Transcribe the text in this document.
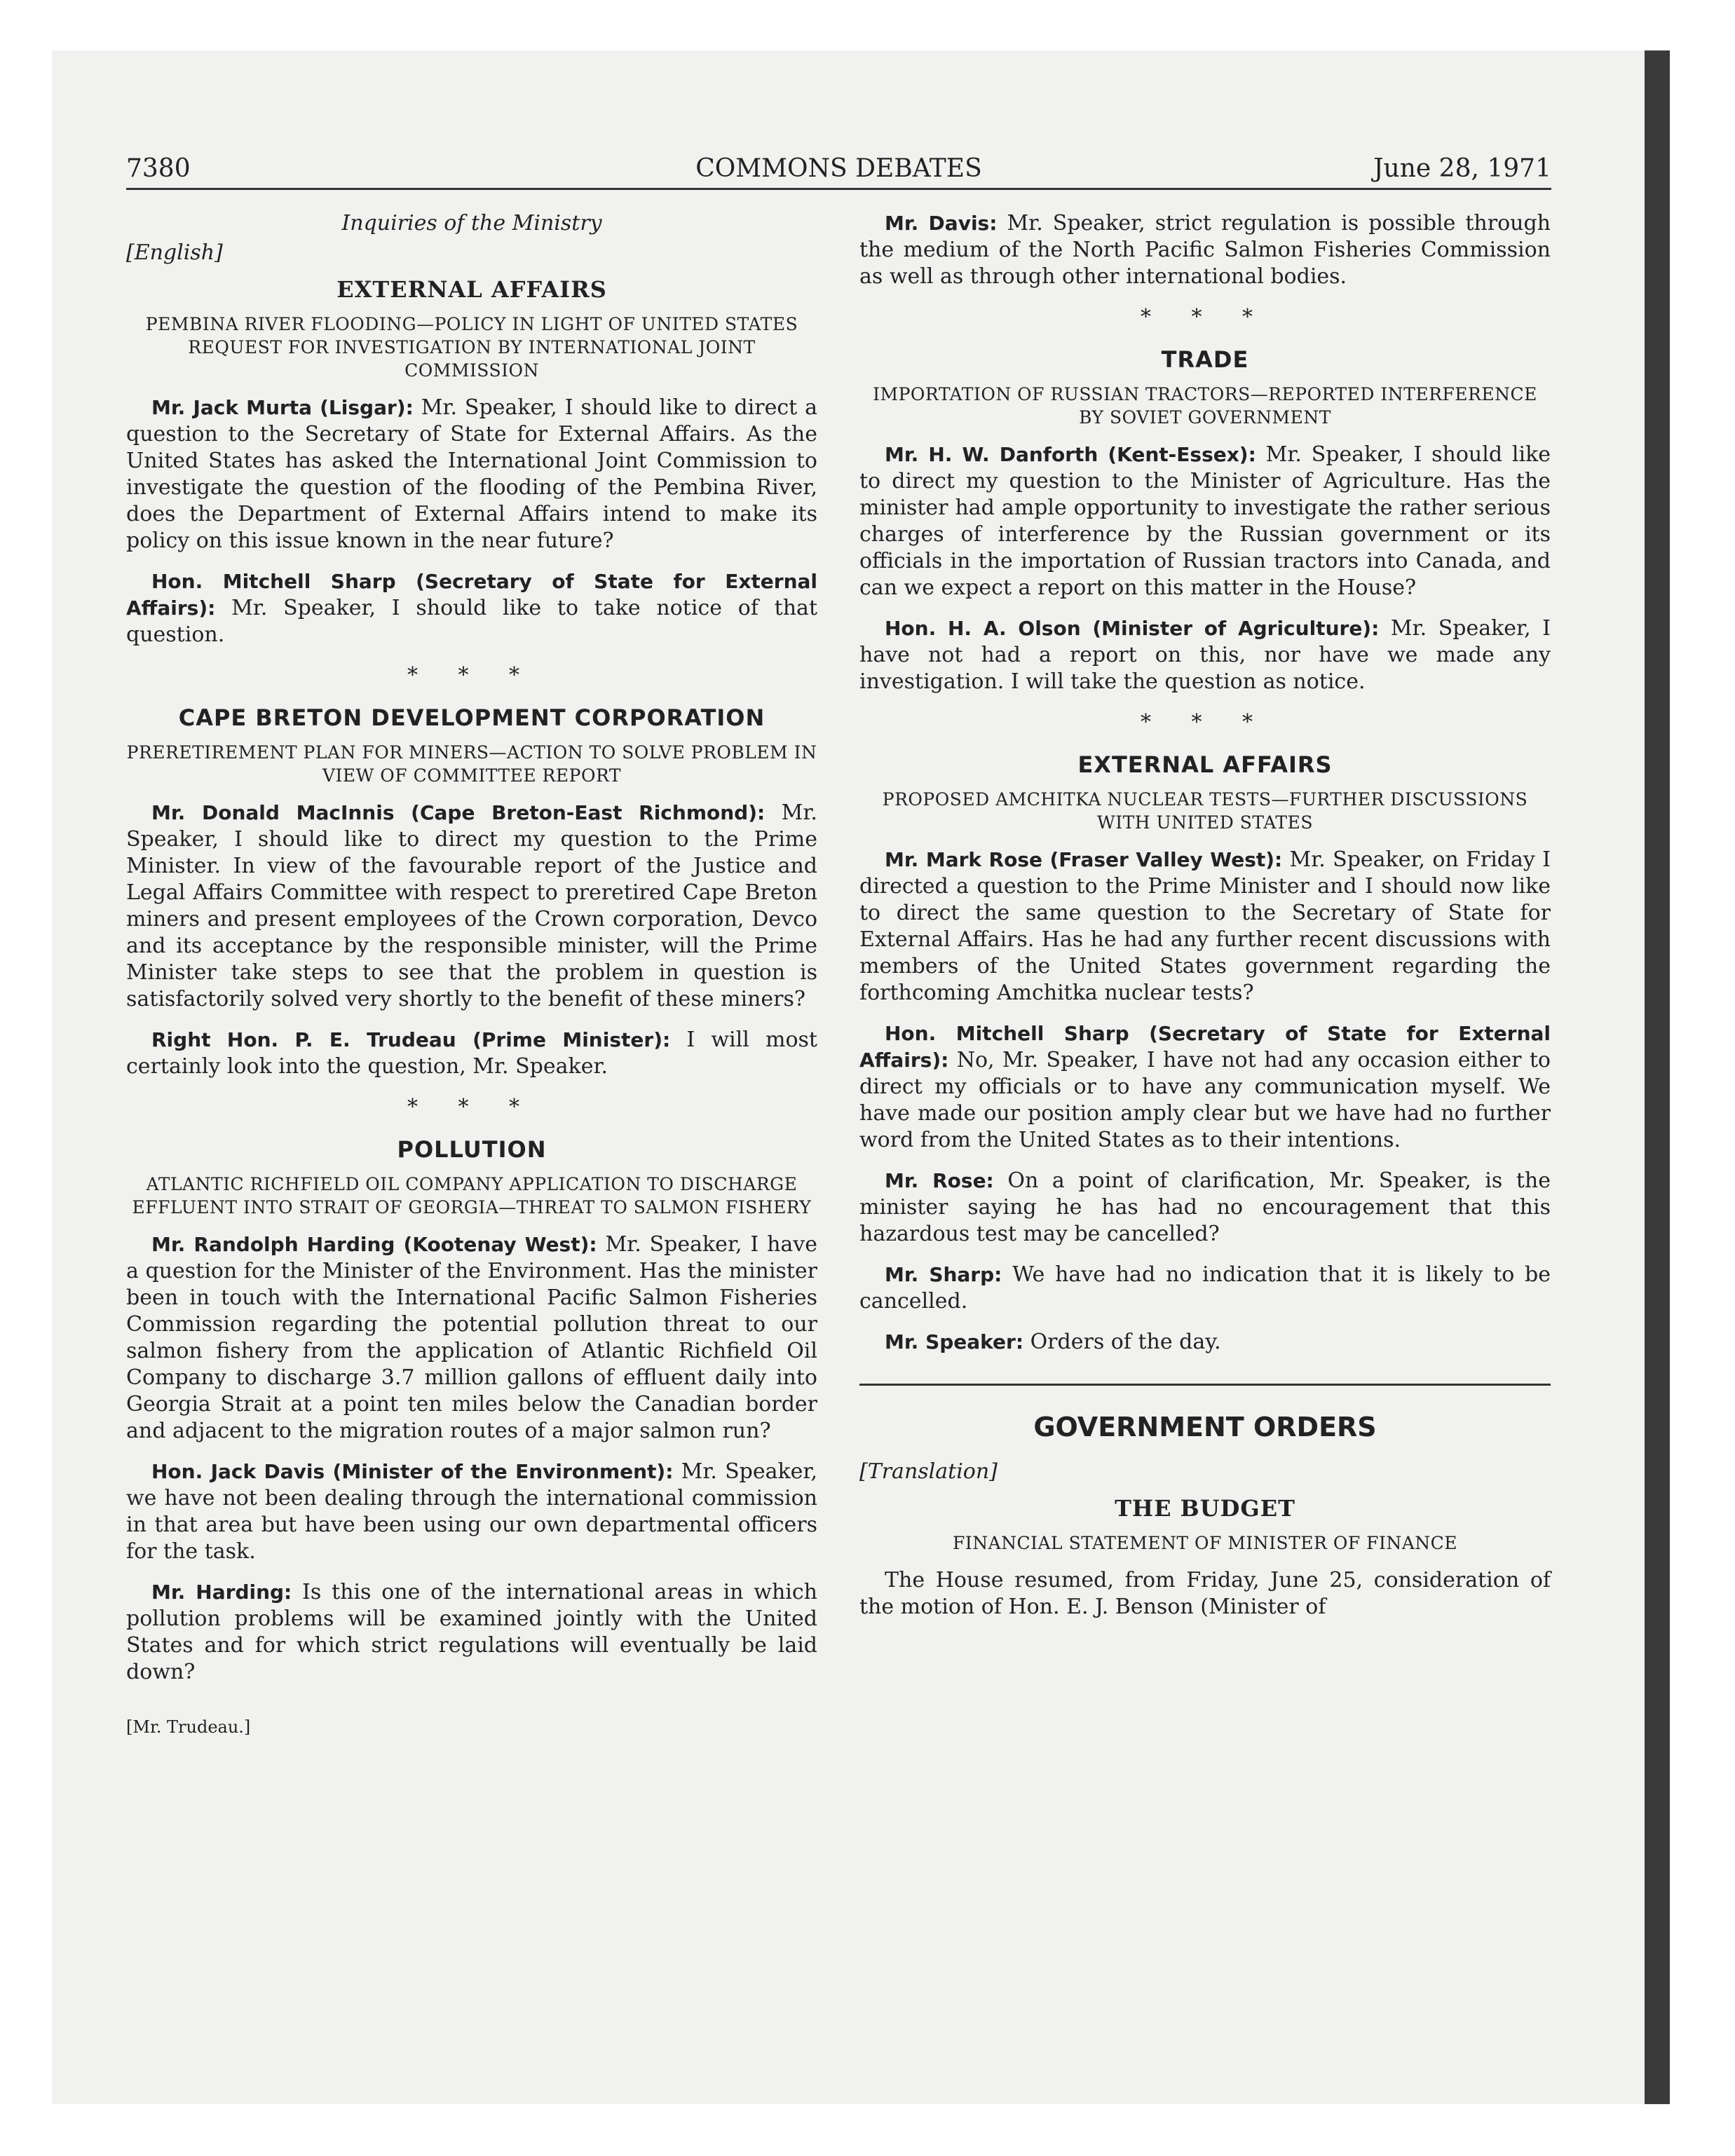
7380	COMMONS DEBATES	June 28, 1971
Inquiries of the Ministry
[English]
EXTERNAL AFFAIRS
PEMBINA RIVER FLOODING—POLICY IN LIGHT OF UNITED STATES REQUEST FOR INVESTIGATION BY INTERNATIONAL JOINT COMMISSION

Mr. Jack Murta (Lisgar): Mr. Speaker, I should like to direct a question to the Secretary of State for External Affairs. As the United States has asked the International Joint Commission to investigate the question of the flooding of the Pembina River, does the Department of External Affairs intend to make its policy on this issue known in the near future?

Hon. Mitchell Sharp (Secretary of State for External Affairs): Mr. Speaker, I should like to take notice of that question.

* * *
CAPE BRETON DEVELOPMENT CORPORATION
PRERETIREMENT PLAN FOR MINERS—ACTION TO SOLVE PROBLEM IN VIEW OF COMMITTEE REPORT

Mr. Donald MacInnis (Cape Breton-East Richmond): Mr. Speaker, I should like to direct my question to the Prime Minister. In view of the favourable report of the Justice and Legal Affairs Committee with respect to preretired Cape Breton miners and present employees of the Crown corporation, Devco and its acceptance by the responsible minister, will the Prime Minister take steps to see that the problem in question is satisfactorily solved very shortly to the benefit of these miners?

Right Hon. P. E. Trudeau (Prime Minister): I will most certainly look into the question, Mr. Speaker.

* * *
POLLUTION
ATLANTIC RICHFIELD OIL COMPANY APPLICATION TO DISCHARGE EFFLUENT INTO STRAIT OF GEORGIA—THREAT TO SALMON FISHERY

Mr. Randolph Harding (Kootenay West): Mr. Speaker, I have a question for the Minister of the Environment. Has the minister been in touch with the International Pacific Salmon Fisheries Commission regarding the potential pollution threat to our salmon fishery from the application of Atlantic Richfield Oil Company to discharge 3.7 million gallons of effluent daily into Georgia Strait at a point ten miles below the Canadian border and adjacent to the migration routes of a major salmon run?

Hon. Jack Davis (Minister of the Environment): Mr. Speaker, we have not been dealing through the international commission in that area but have been using our own departmental officers for the task.

Mr. Harding: Is this one of the international areas in which pollution problems will be examined jointly with the United States and for which strict regulations will eventually be laid down?

[Mr. Trudeau.]

Mr. Davis: Mr. Speaker, strict regulation is possible through the medium of the North Pacific Salmon Fisheries Commission as well as through other international bodies.

* * *
TRADE
IMPORTATION OF RUSSIAN TRACTORS—REPORTED INTERFERENCE BY SOVIET GOVERNMENT

Mr. H. W. Danforth (Kent-Essex): Mr. Speaker, I should like to direct my question to the Minister of Agriculture. Has the minister had ample opportunity to investigate the rather serious charges of interference by the Russian government or its officials in the importation of Russian tractors into Canada, and can we expect a report on this matter in the House?

Hon. H. A. Olson (Minister of Agriculture): Mr. Speaker, I have not had a report on this, nor have we made any investigation. I will take the question as notice.

* * *
EXTERNAL AFFAIRS
PROPOSED AMCHITKA NUCLEAR TESTS—FURTHER DISCUSSIONS WITH UNITED STATES

Mr. Mark Rose (Fraser Valley West): Mr. Speaker, on Friday I directed a question to the Prime Minister and I should now like to direct the same question to the Secretary of State for External Affairs. Has he had any further recent discussions with members of the United States government regarding the forthcoming Amchitka nuclear tests?

Hon. Mitchell Sharp (Secretary of State for External Affairs): No, Mr. Speaker, I have not had any occasion either to direct my officials or to have any communication myself. We have made our position amply clear but we have had no further word from the United States as to their intentions.

Mr. Rose: On a point of clarification, Mr. Speaker, is the minister saying he has had no encouragement that this hazardous test may be cancelled?

Mr. Sharp: We have had no indication that it is likely to be cancelled.

Mr. Speaker: Orders of the day.

GOVERNMENT ORDERS
[Translation]
THE BUDGET
FINANCIAL STATEMENT OF MINISTER OF FINANCE

The House resumed, from Friday, June 25, consideration of the motion of Hon. E. J. Benson (Minister of
